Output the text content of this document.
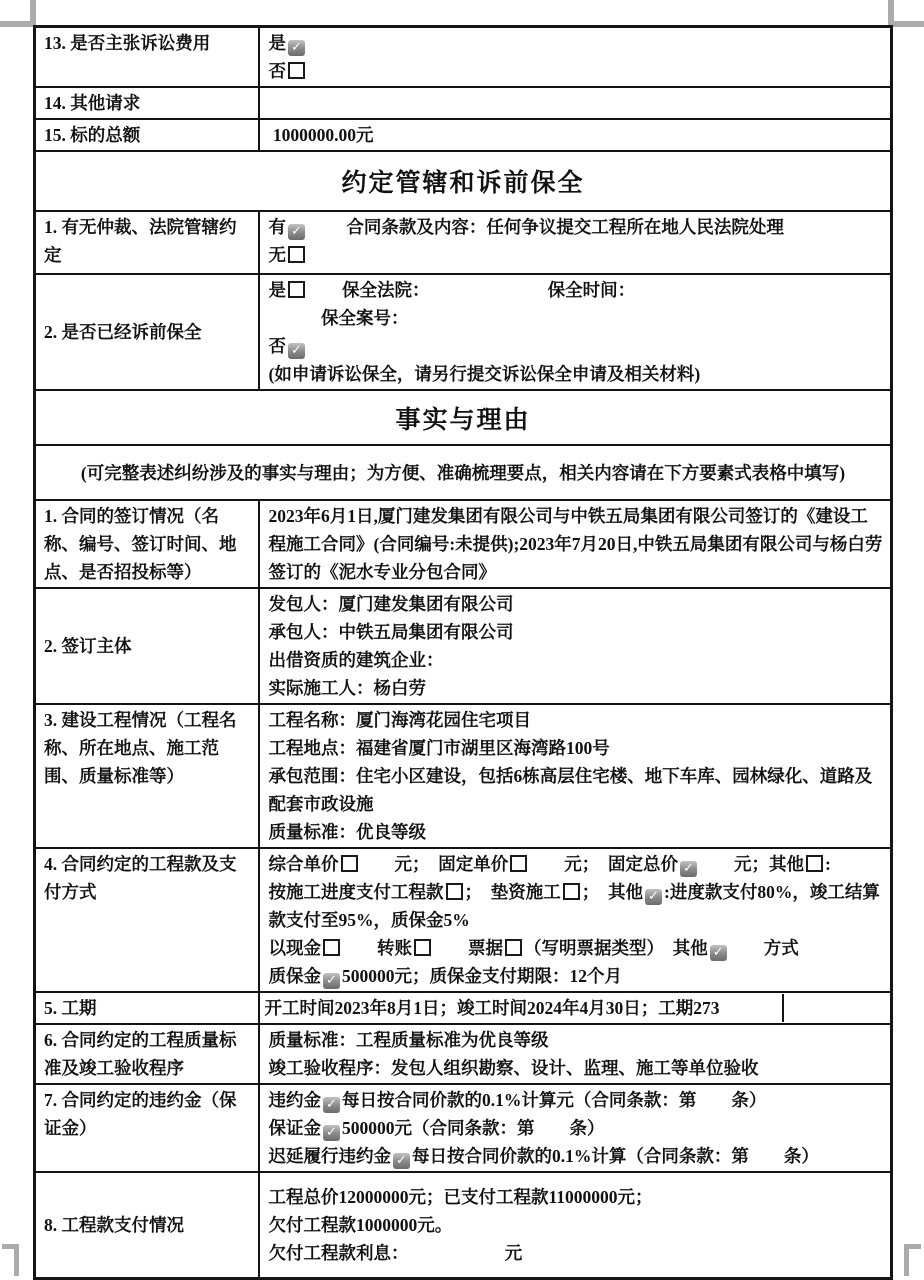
13. 是否主张诉讼费用	是 ✓
否

14. 其他请求	

15. 标的总额	1000000.00元

约定管辖和诉前保全	
1. 有无仲裁、法院管辖约定	有 ✓　　 合同条款及内容：任何争议提交工程所在地人民法院处理
无

2. 是否已经诉前保全	是　　保全法院：　　　　　　　 保全时间：
　　　保全案号：
否 ✓
(如申请诉讼保全，请另行提交诉讼保全申请及相关材料)

事实与理由	
(可完整表述纠纷涉及的事实与理由；为方便、准确梳理要点，相关内容请在下方要素式表格中填写)	
1. 合同的签订情况（名称、编号、签订时间、地点、是否招投标等）	2023年6月1日,厦门建发集团有限公司与中铁五局集团有限公司签订的《建设工程施工合同》(合同编号:未提供);2023年7月20日,中铁五局集团有限公司与杨白劳签订的《泥水专业分包合同》

2. 签订主体	发包人：厦门建发集团有限公司
承包人：中铁五局集团有限公司
出借资质的建筑企业：
实际施工人：杨白劳

3. 建设工程情况（工程名称、所在地点、施工范围、质量标准等）	工程名称：厦门海湾花园住宅项目
工程地点：福建省厦门市湖里区海湾路100号
承包范围：住宅小区建设，包括6栋高层住宅楼、地下车库、园林绿化、道路及配套市政设施
质量标准：优良等级

4. 合同约定的工程款及支付方式	综合单价　　元；　固定单价　　元；　固定总价 ✓　　元；其他 :
按施工进度支付工程款 ；　垫资施工 ；　其他 ✓ :进度款支付80%，竣工结算款支付至95%，质保金5%
以现金　　转账　　票据 （写明票据类型）　其他 ✓　　方式
质保金 ✓ 500000元；质保金支付期限：12个月

5. 工期	开工时间2023年8月1日；竣工时间2024年4月30日；工期273

6. 合同约定的工程质量标准及竣工验收程序	质量标准：工程质量标准为优良等级
竣工验收程序：发包人组织勘察、设计、监理、施工等单位验收

7. 合同约定的违约金（保证金）	违约金 ✓ 每日按合同价款的0.1%计算元（合同条款：第　　条）
保证金 ✓ 500000元（合同条款：第　　条）
迟延履行违约金 ✓ 每日按合同价款的0.1%计算（合同条款：第　　条）

8. 工程款支付情况	工程总价12000000元；已支付工程款11000000元；
欠付工程款1000000元。
欠付工程款利息：　　　　　　元
